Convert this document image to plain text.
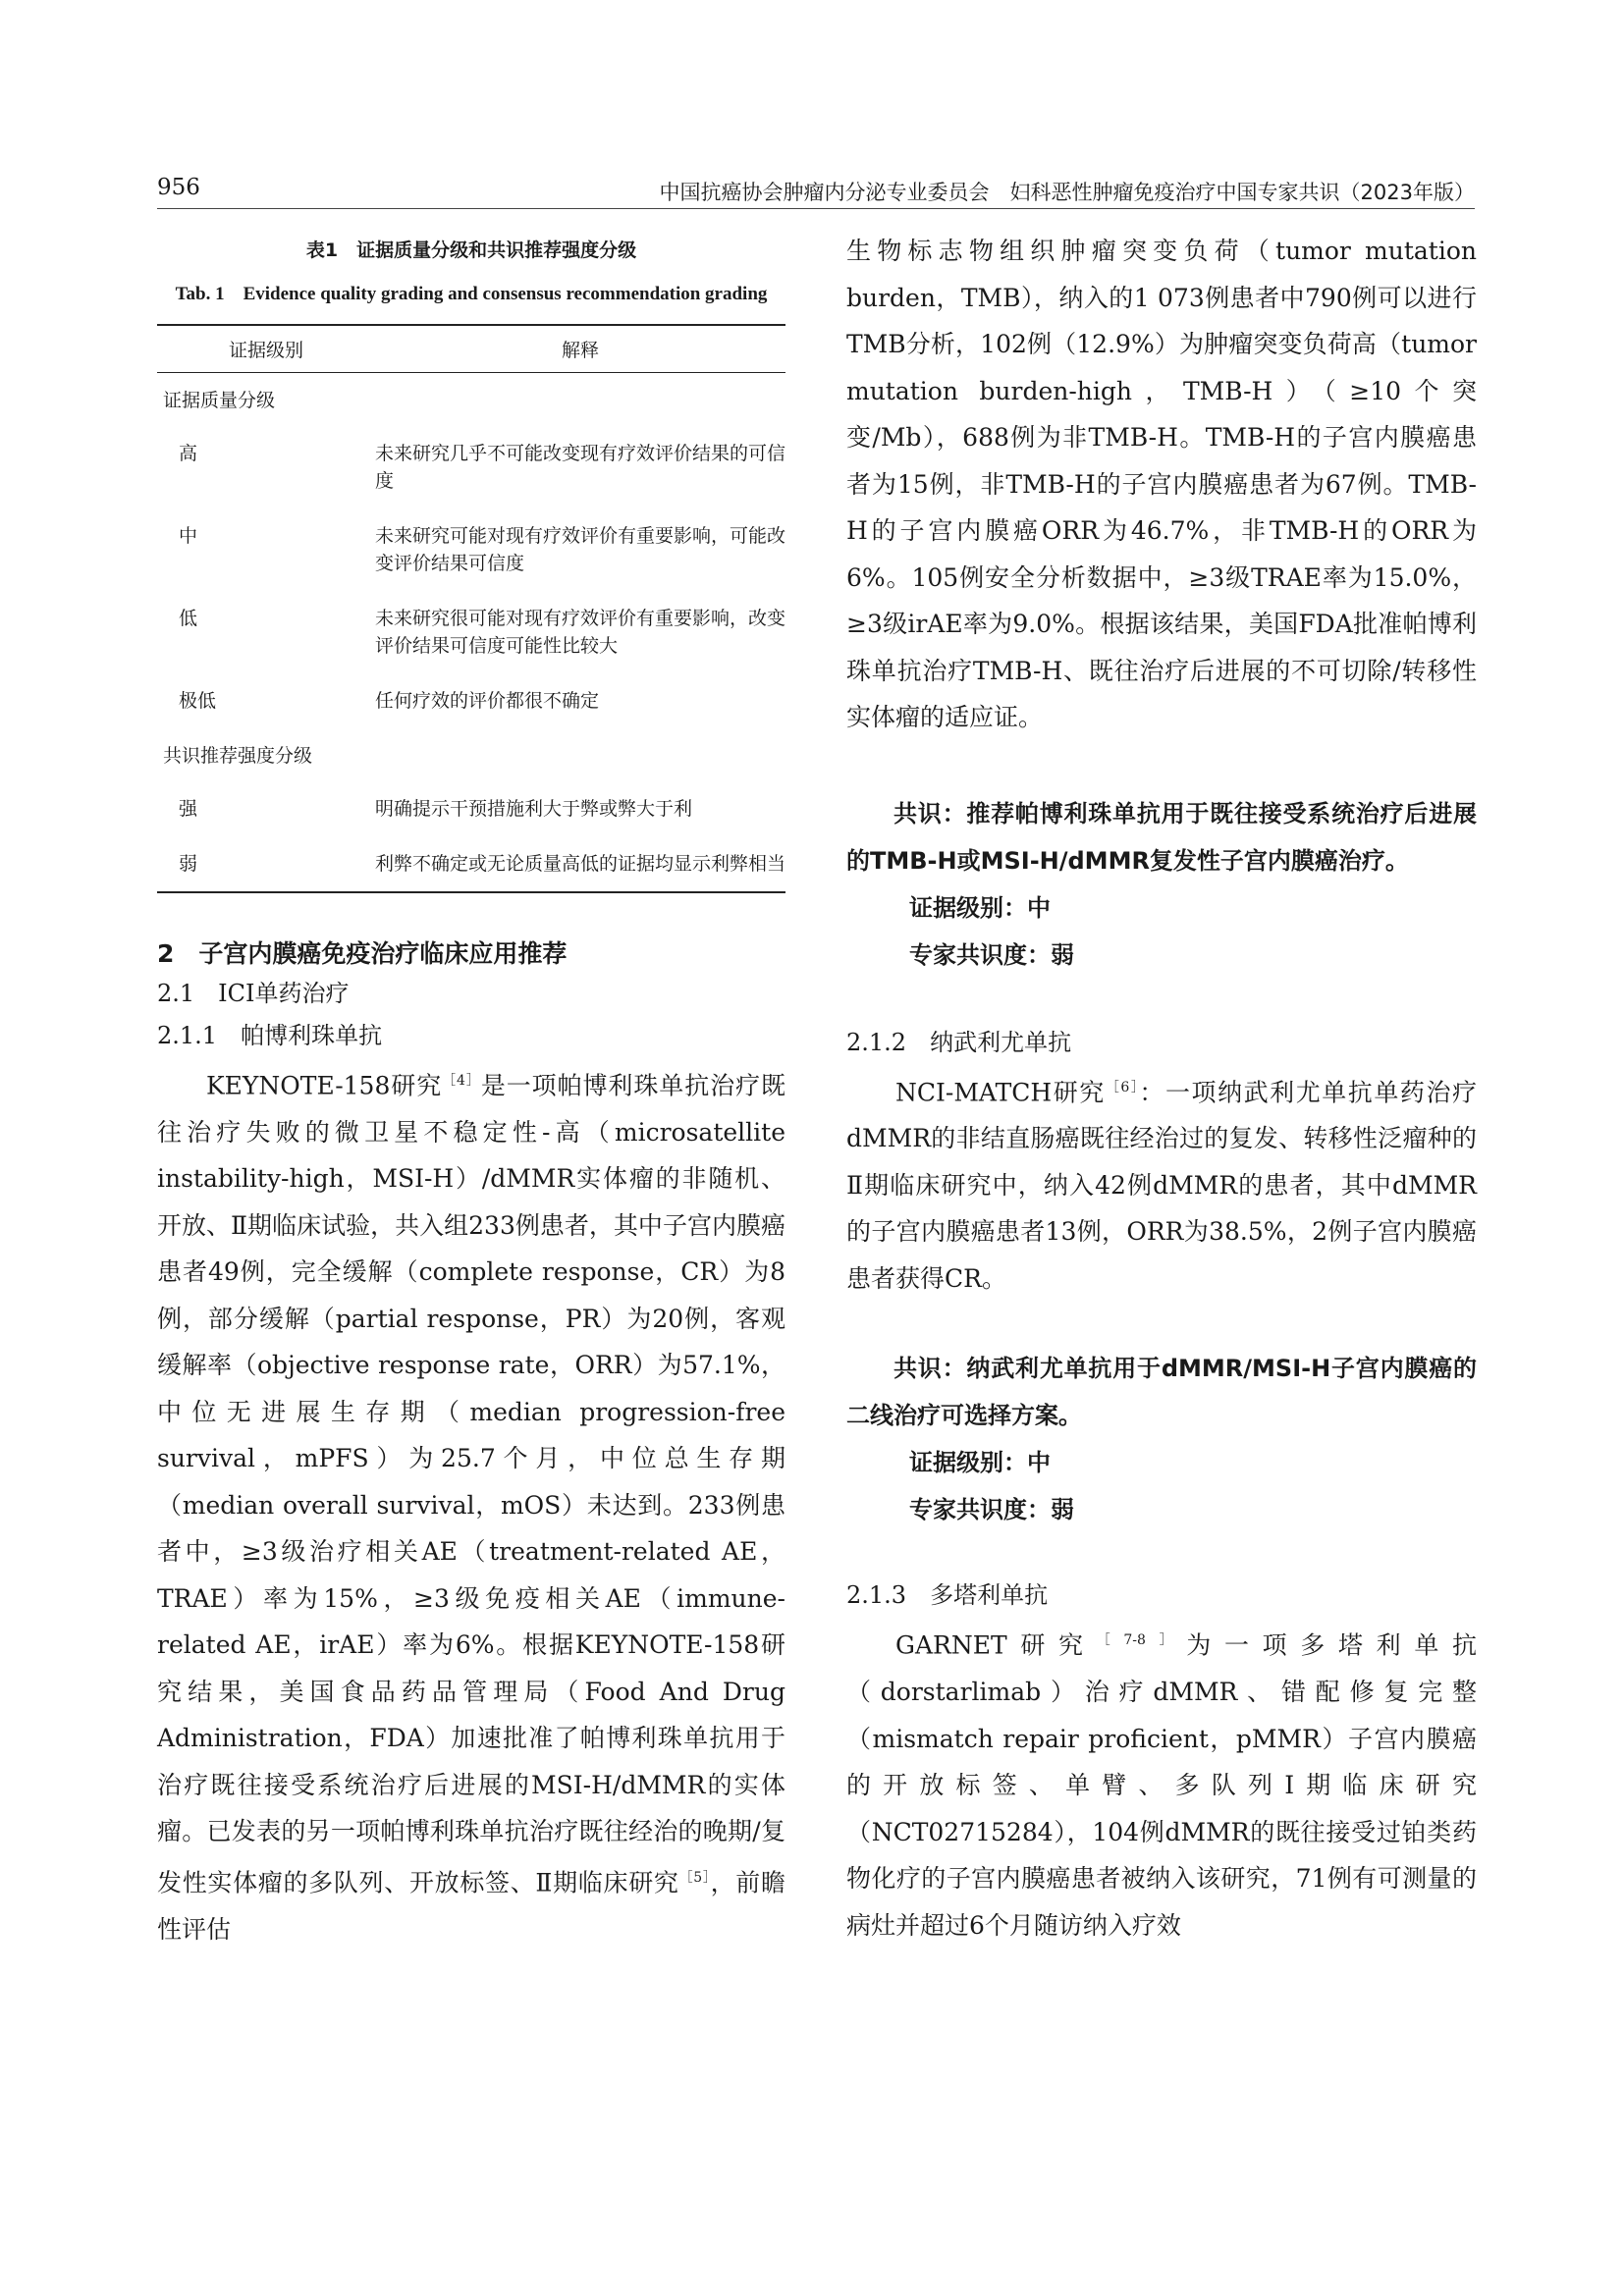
956	中国抗癌协会肿瘤内分泌专业委员会　妇科恶性肿瘤免疫治疗中国专家共识（2023年版）
表1　证据质量分级和共识推荐强度分级
Tab. 1　Evidence quality grading and consensus recommendation grading
证据级别	解释
证据质量分级	
高	未来研究几乎不可能改变现有疗效评价结果的可信度
中	未来研究可能对现有疗效评价有重要影响，可能改变评价结果可信度
低	未来研究很可能对现有疗效评价有重要影响，改变评价结果可信度可能性比较大
极低	任何疗效的评价都很不确定
共识推荐强度分级	
强	明确提示干预措施利大于弊或弊大于利
弱	利弊不确定或无论质量高低的证据均显示利弊相当
2　子宫内膜癌免疫治疗临床应用推荐
2.1　ICI单药治疗
2.1.1　帕博利珠单抗

KEYNOTE-158研究$^{[4]}$是一项帕博利珠单抗治疗既往治疗失败的微卫星不稳定性-高（microsatellite instability-high，MSI-H）/dMMR实体瘤的非随机、开放、Ⅱ期临床试验，共入组233例患者，其中子宫内膜癌患者49例，完全缓解（complete response，CR）为8例，部分缓解（partial response，PR）为20例，客观缓解率（objective response rate，ORR）为57.1%，中位无进展生存期（median progression-free survival，mPFS）为25.7个月，中位总生存期（median overall survival，mOS）未达到。233例患者中，≥3级治疗相关AE（treatment-related AE，TRAE）率为15%，≥3级免疫相关AE（immune-related AE，irAE）率为6%。根据KEYNOTE-158研究结果，美国食品药品管理局（Food And Drug Administration，FDA）加速批准了帕博利珠单抗用于治疗既往接受系统治疗后进展的MSI-H/dMMR的实体瘤。已发表的另一项帕博利珠单抗治疗既往经治的晚期/复发性实体瘤的多队列、开放标签、Ⅱ期临床研究$^{[5]}$，前瞻性评估

生物标志物组织肿瘤突变负荷（tumor mutation burden，TMB），纳入的1 073例患者中790例可以进行TMB分析，102例（12.9%）为肿瘤突变负荷高（tumor mutation burden-high，TMB-H）（≥10个突变/Mb），688例为非TMB-H。TMB-H的子宫内膜癌患者为15例，非TMB-H的子宫内膜癌患者为67例。TMB-H的子宫内膜癌ORR为46.7%，非TMB-H的ORR为6%。105例安全分析数据中，≥3级TRAE率为15.0%，≥3级irAE率为9.0%。根据该结果，美国FDA批准帕博利珠单抗治疗TMB-H、既往治疗后进展的不可切除/转移性实体瘤的适应证。

共识：推荐帕博利珠单抗用于既往接受系统治疗后进展的TMB-H或MSI-H/dMMR复发性子宫内膜癌治疗。

证据级别：中
专家共识度：弱
2.1.2　纳武利尤单抗

NCI-MATCH研究$^{[6]}$：一项纳武利尤单抗单药治疗dMMR的非结直肠癌既往经治过的复发、转移性泛瘤种的Ⅱ期临床研究中，纳入42例dMMR的患者，其中dMMR的子宫内膜癌患者13例，ORR为38.5%，2例子宫内膜癌患者获得CR。

共识：纳武利尤单抗用于dMMR/MSI-H子宫内膜癌的二线治疗可选择方案。

证据级别：中
专家共识度：弱
2.1.3　多塔利单抗

GARNET研究$^{[7-8]}$为一项多塔利单抗（dorstarlimab）治疗dMMR、错配修复完整（mismatch repair proficient，pMMR）子宫内膜癌的开放标签、单臂、多队列Ⅰ期临床研究（NCT02715284），104例dMMR的既往接受过铂类药物化疗的子宫内膜癌患者被纳入该研究，71例有可测量的病灶并超过6个月随访纳入疗效
